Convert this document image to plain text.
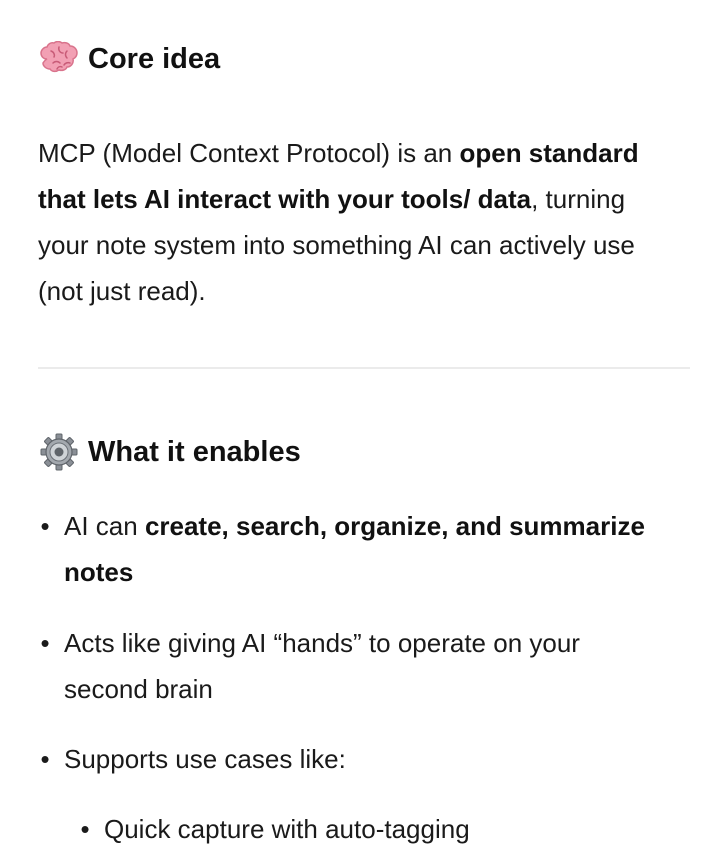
Core idea

MCP (Model Context Protocol) is an open standard that lets AI interact with your tools/ data, turning your note system into something AI can actively use (not just read).

What it enables
• AI can create, search, organize, and summarize notes
• Acts like giving AI “hands” to operate on your second brain
• Supports use cases like:
• Quick capture with auto-tagging
